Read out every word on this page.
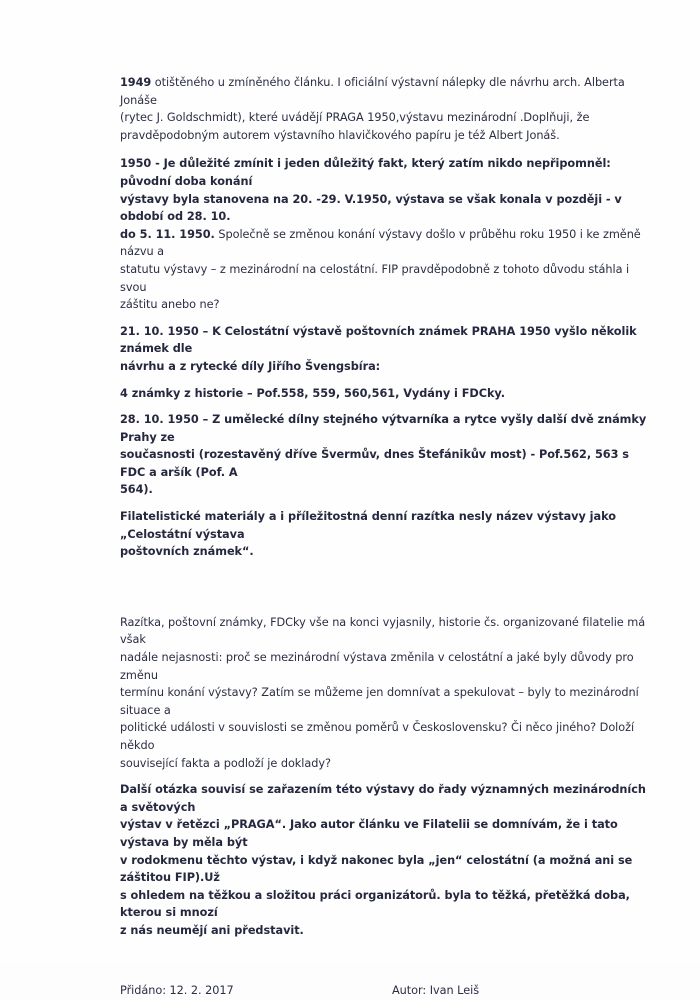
1949 otištěného u zmíněného článku. I oficiální výstavní nálepky dle návrhu arch. Alberta Jonáše
(rytec J. Goldschmidt), které uvádějí PRAGA 1950,výstavu mezinárodní .Doplňuji, že
pravděpodobným autorem výstavního hlavičkového papíru je též Albert Jonáš.

1950 - Je důležité zmínit i jeden důležitý fakt, který zatím nikdo nepřipomněl: původní doba konání
výstavy byla stanovena na 20. -29. V.1950, výstava se však konala v později - v období od 28. 10.
do 5. 11. 1950. Společně se změnou konání výstavy došlo v průběhu roku 1950 i ke změně názvu a
statutu výstavy – z mezinárodní na celostátní. FIP pravděpodobně z tohoto důvodu stáhla i svou
záštitu anebo ne?

21. 10. 1950 – K Celostátní výstavě poštovních známek PRAHA 1950 vyšlo několik známek dle
návrhu a z rytecké díly Jiřího Švengsbíra:

4 známky z historie – Pof.558, 559, 560,561, Vydány i FDCky.

28. 10. 1950 – Z umělecké dílny stejného výtvarníka a rytce vyšly další dvě známky Prahy ze
současnosti (rozestavěný dříve Švermův, dnes Štefánikův most) - Pof.562, 563 s FDC a aršík (Pof. A
564).

Filatelistické materiály a i příležitostná denní razítka nesly název výstavy jako „Celostátní výstava
poštovních známek“.

Razítka, poštovní známky, FDCky vše na konci vyjasnily, historie čs. organizované filatelie má však
nadále nejasnosti: proč se mezinárodní výstava změnila v celostátní a jaké byly důvody pro změnu
termínu konání výstavy? Zatím se můžeme jen domnívat a spekulovat – byly to mezinárodní situace a
politické události v souvislosti se změnou poměrů v Československu? Či něco jiného? Doloží někdo
související fakta a podloží je doklady?

Další otázka souvisí se zařazením této výstavy do řady významných mezinárodních a světových
výstav v řetězci „PRAGA“. Jako autor článku ve Filatelii se domnívám, že i tato výstava by měla být
v rodokmenu těchto výstav, i když nakonec byla „jen“ celostátní (a možná ani se záštitou FIP).Už
s ohledem na těžkou a složitou práci organizátorů. byla to těžká, přetěžká doba, kterou si mnozí
z nás neumějí ani představit.

Přidáno: 12. 2. 2017	Autor: Ivan Leiš
